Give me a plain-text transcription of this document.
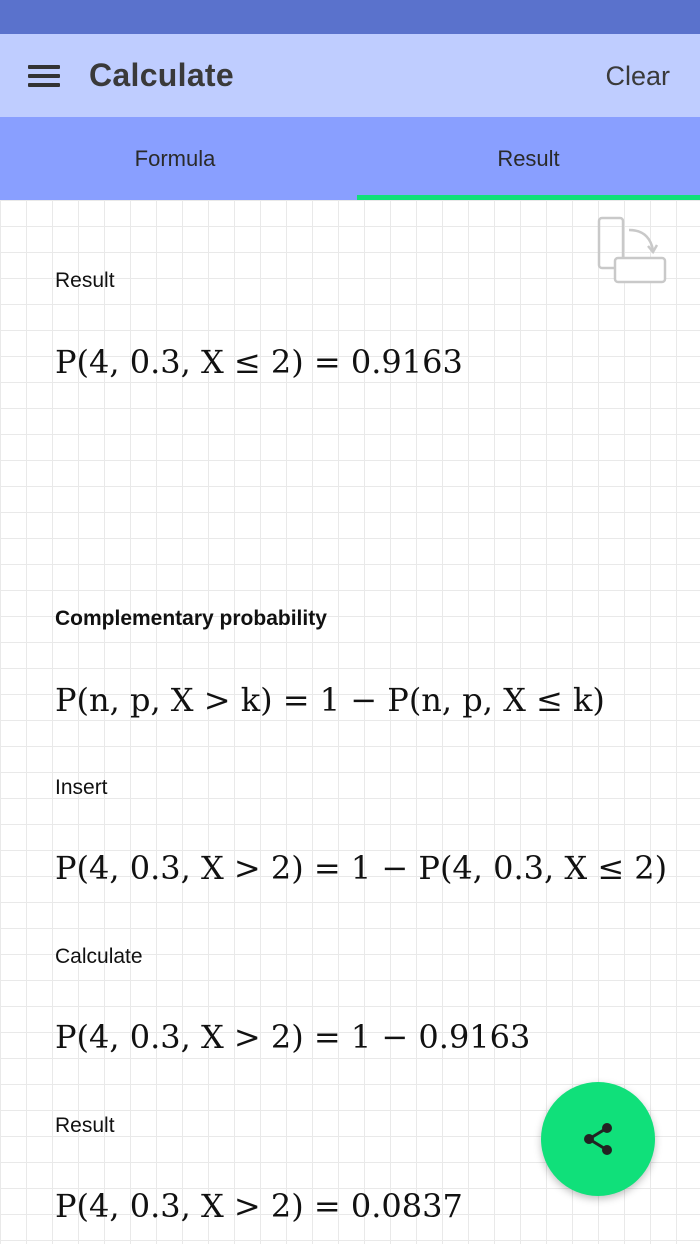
Calculate	Clear
Formula	Result
Result
P(4, 0.3, X ≤ 2) = 0.9163
Complementary probability
P(n, p, X > k) = 1 − P(n, p, X ≤ k)
Insert
P(4, 0.3, X > 2) = 1 − P(4, 0.3, X ≤ 2)
Calculate
P(4, 0.3, X > 2) = 1 − 0.9163
Result
P(4, 0.3, X > 2) = 0.0837
